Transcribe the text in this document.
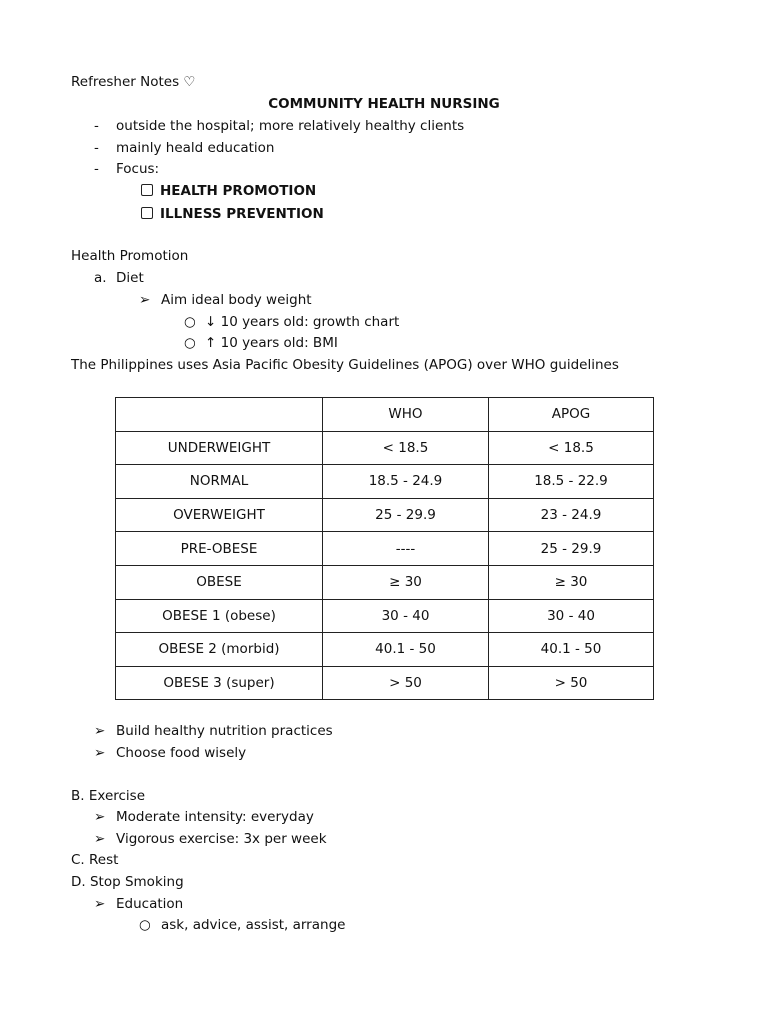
Refresher Notes ♡
COMMUNITY HEALTH NURSING
- outside the hospital; more relatively healthy clients
- mainly heald education
- Focus:
HEALTH PROMOTION
ILLNESS PREVENTION
Health Promotion
a. Diet
➢ Aim ideal body weight
○ ↓ 10 years old: growth chart
○ ↑ 10 years old: BMI
The Philippines uses Asia Pacific Obesity Guidelines (APOG) over WHO guidelines
	WHO	APOG
UNDERWEIGHT	< 18.5	< 18.5
NORMAL	18.5 - 24.9	18.5 - 22.9
OVERWEIGHT	25 - 29.9	23 - 24.9
PRE-OBESE	----	25 - 29.9
OBESE	≥ 30	≥ 30
OBESE 1 (obese)	30 - 40	30 - 40
OBESE 2 (morbid)	40.1 - 50	40.1 - 50
OBESE 3 (super)	> 50	> 50
➢ Build healthy nutrition practices
➢ Choose food wisely
B. Exercise
➢ Moderate intensity: everyday
➢ Vigorous exercise: 3x per week
C. Rest
D. Stop Smoking
➢ Education
○ ask, advice, assist, arrange
